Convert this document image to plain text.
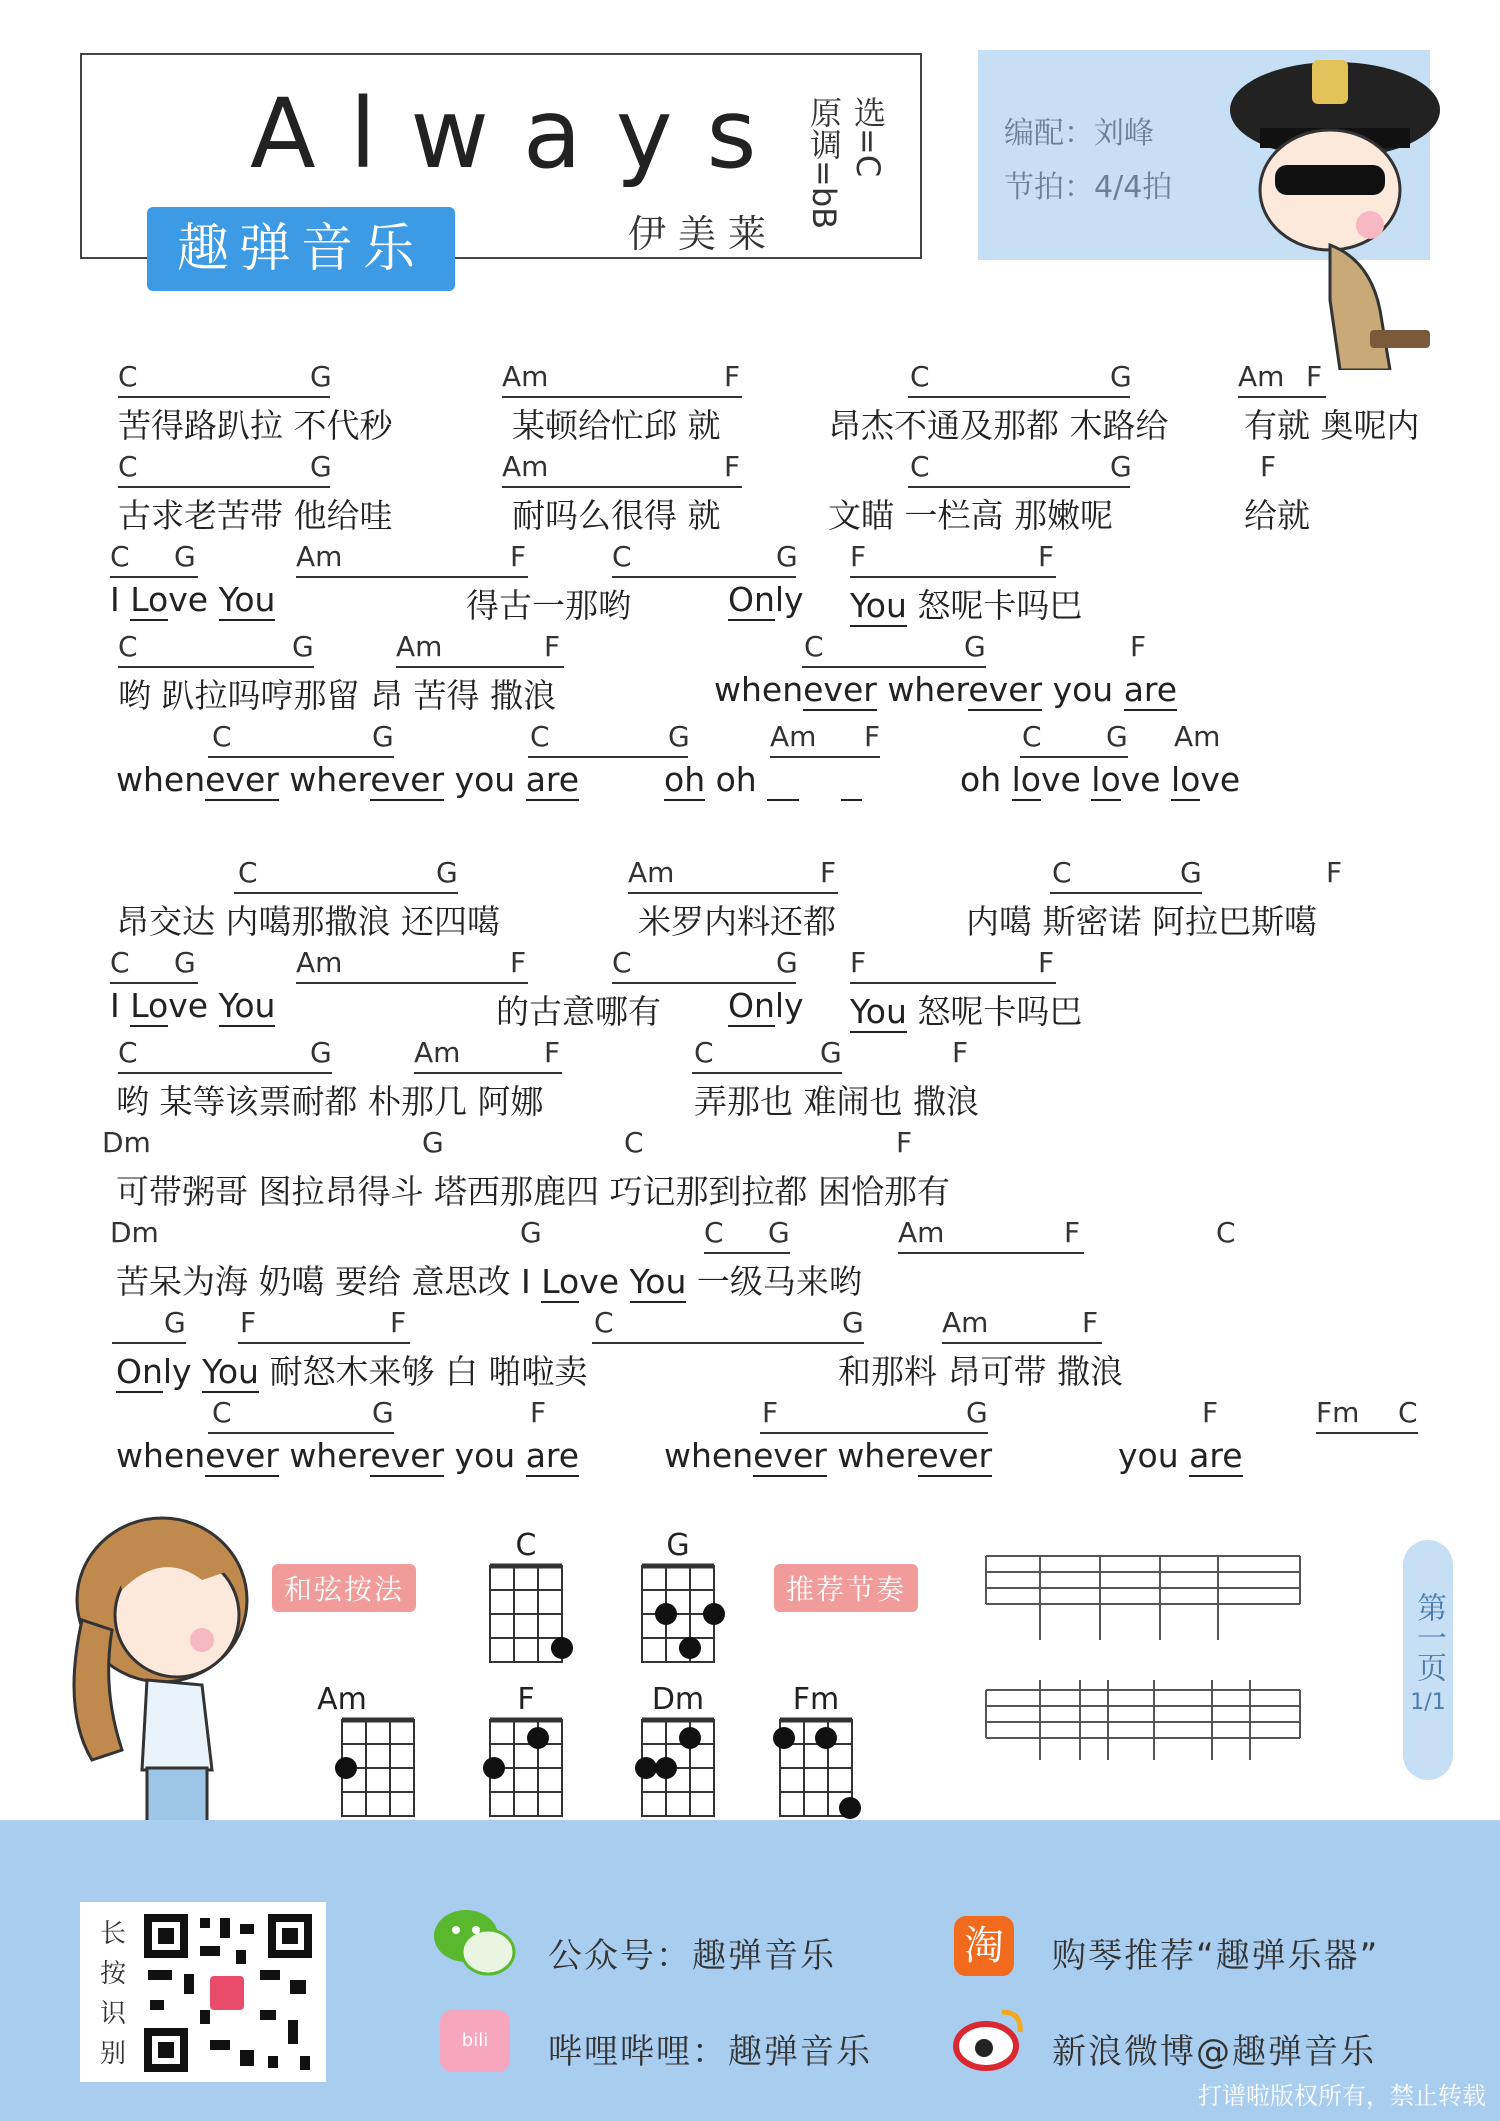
Always
趣弹音乐	伊美莱
选=C
原调=bB	编配：刘峰
节拍：4/4拍
C	G
苦得路趴拉 不代秒
Am	F
某顿给忙邱 就
C	G
昂杰不通及那都 木路给
Am F
有就 奥呢内
C	G
古求老苦带 他给哇
Am	F
耐吗么很得 就
C	G
文瞄 一栏高 那嫩呢
F
给就
C G
I Love You
Am	F
得古一那哟
C	G
Only
F	F
You 怒呢卡吗巴
C	G	Am	F
哟 趴拉吗哼那留 昂 苦得 撒浪
C	G	F
whenever wherever you are
C	G
whenever wherever you are
C	G	Am F
oh oh
C G Am
oh love love love
C	G
昂交达 内噶那撒浪 还四噶
Am	F
米罗内料还都
C	G	F
内噶 斯密诺 阿拉巴斯噶
C G
I Love You
Am	F
的古意哪有
C	G
Only
F	F
You 怒呢卡吗巴
C	G	Am	F
哟 某等该票耐都 朴那几 阿娜
C	G	F
弄那也 难闹也 撒浪
Dm	G	C	F
可带粥哥 图拉昂得斗 塔西那鹿四 巧记那到拉都 困恰那有
Dm	G	C G	Am	F	C
苦呆为海 奶噶 要给 意思改 I Love You 一级马来哟
G F	F
Only You 耐怒木来够 白 啪啦卖
C	G	Am	F
和那料 昂可带 撒浪
C	G	F
whenever wherever you are
F	G
whenever wherever
F
you are
Fm C
和弦按法	推荐节奏
C	G
Am	F	Dm	Fm
第一页
1/1
长按识别
公众号：趣弹音乐	淘 购琴推荐“趣弹乐器”
bili	哔哩哔哩：趣弹音乐	新浪微博@趣弹音乐
打谱啦版权所有，禁止转载
